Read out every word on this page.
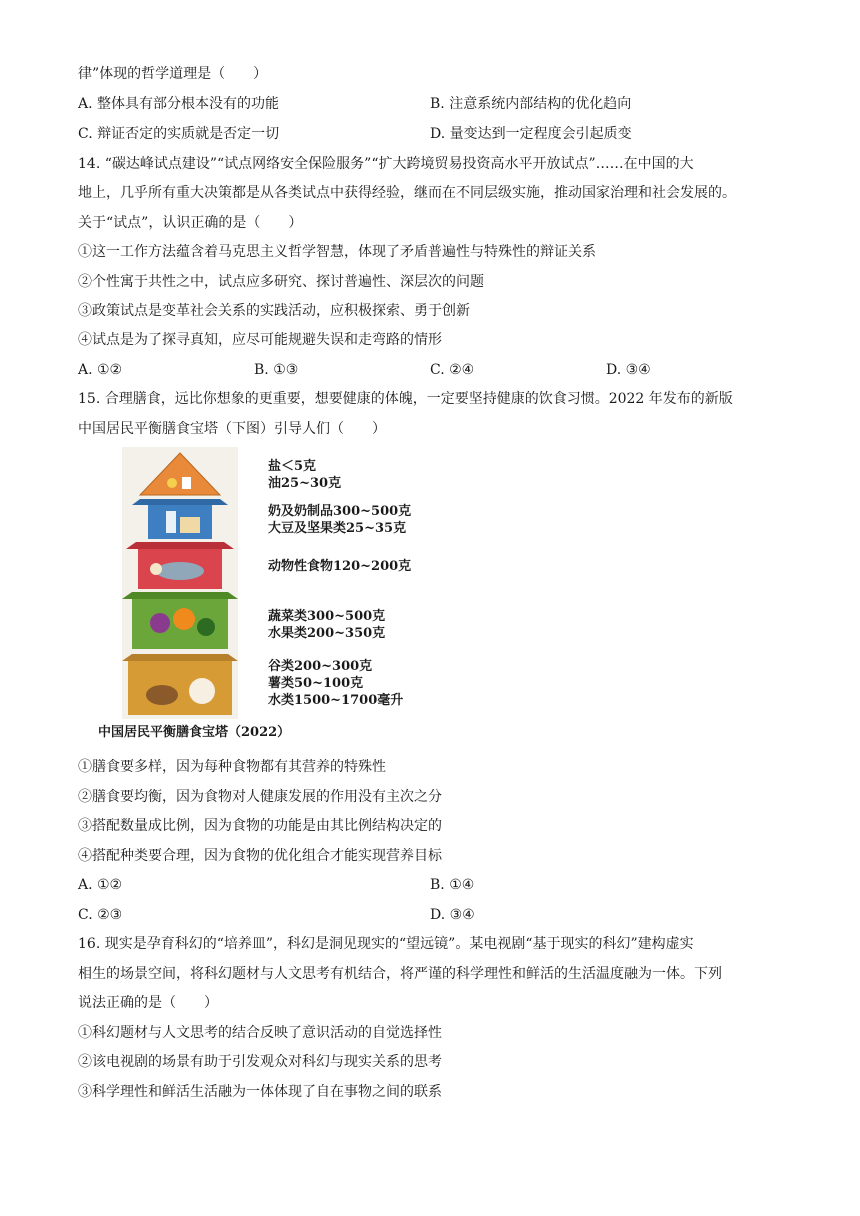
律”体现的哲学道理是（　　）
A. 整体具有部分根本没有的功能	B. 注意系统内部结构的优化趋向
C. 辩证否定的实质就是否定一切	D. 量变达到一定程度会引起质变
14. “碳达峰试点建设”“试点网络安全保险服务”“扩大跨境贸易投资高水平开放试点”……在中国的大
地上，几乎所有重大决策都是从各类试点中获得经验，继而在不同层级实施，推动国家治理和社会发展的。
关于“试点”，认识正确的是（　　）
①这一工作方法蕴含着马克思主义哲学智慧，体现了矛盾普遍性与特殊性的辩证关系
②个性寓于共性之中，试点应多研究、探讨普遍性、深层次的问题
③政策试点是变革社会关系的实践活动，应积极探索、勇于创新
④试点是为了探寻真知，应尽可能规避失误和走弯路的情形
A. ①②	B. ①③	C. ②④	D. ③④
15. 合理膳食，远比你想象的更重要，想要健康的体魄，一定要坚持健康的饮食习惯。2022 年发布的新版
中国居民平衡膳食宝塔（下图）引导人们（　　）
盐＜5克
油25~30克
奶及奶制品300~500克
大豆及坚果类25~35克
动物性食物120~200克
蔬菜类300~500克
水果类200~350克
谷类200~300克
薯类50~100克
水类1500~1700毫升
中国居民平衡膳食宝塔（2022）
①膳食要多样，因为每种食物都有其营养的特殊性
②膳食要均衡，因为食物对人健康发展的作用没有主次之分
③搭配数量成比例，因为食物的功能是由其比例结构决定的
④搭配种类要合理，因为食物的优化组合才能实现营养目标
A. ①②	B. ①④
C. ②③	D. ③④
16. 现实是孕育科幻的“培养皿”，科幻是洞见现实的“望远镜”。某电视剧“基于现实的科幻”建构虚实
相生的场景空间，将科幻题材与人文思考有机结合，将严谨的科学理性和鲜活的生活温度融为一体。下列
说法正确的是（　　）
①科幻题材与人文思考的结合反映了意识活动的自觉选择性
②该电视剧的场景有助于引发观众对科幻与现实关系的思考
③科学理性和鲜活生活融为一体体现了自在事物之间的联系
